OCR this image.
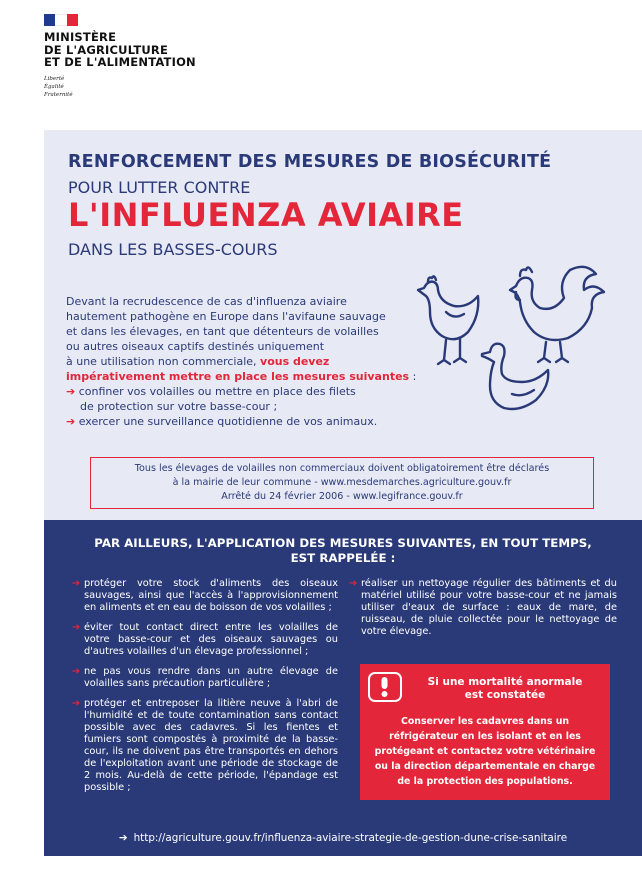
MINISTÈRE
DE L'AGRICULTURE
ET DE L'ALIMENTATION
Liberté
Égalité
Fraternité
RENFORCEMENT DES MESURES DE BIOSÉCURITÉ
POUR LUTTER CONTRE
L'INFLUENZA AVIAIRE
DANS LES BASSES-COURS

Devant la recrudescence de cas d'influenza aviaire

hautement pathogène en Europe dans l'avifaune sauvage

et dans les élevages, en tant que détenteurs de volailles

ou autres oiseaux captifs destinés uniquement

à une utilisation non commerciale, vous devez

impérativement mettre en place les mesures suivantes :

➔ confiner vos volailles ou mettre en place des filets

de protection sur votre basse-cour ;

➔ exercer une surveillance quotidienne de vos animaux.

Tous les élevages de volailles non commerciaux doivent obligatoirement être déclarés
à la mairie de leur commune - www.mesdemarches.agriculture.gouv.fr
Arrêté du 24 février 2006 - www.legifrance.gouv.fr
PAR AILLEURS, L'APPLICATION DES MESURES SUIVANTES, EN TOUT TEMPS,
EST RAPPELÉE :
➔ protéger votre stock d'aliments des oiseaux sauvages, ainsi que l'accès à l'approvisionnement en aliments et en eau de boisson de vos volailles ;
➔ éviter tout contact direct entre les volailles de votre basse-cour et des oiseaux sauvages ou d'autres volailles d'un élevage professionnel ;
➔ ne pas vous rendre dans un autre élevage de volailles sans précaution particulière ;
➔ protéger et entreposer la litière neuve à l'abri de l'humidité et de toute contamination sans contact possible avec des cadavres. Si les fientes et fumiers sont compostés à proximité de la basse-cour, ils ne doivent pas être transportés en dehors de l'exploitation avant une période de stockage de 2 mois. Au-delà de cette période, l'épandage est possible ;
➔ réaliser un nettoyage régulier des bâtiments et du matériel utilisé pour votre basse-cour et ne jamais utiliser d'eaux de surface : eaux de mare, de ruisseau, de pluie collectée pour le nettoyage de votre élevage.
Si une mortalité anormale
est constatée
Conserver les cadavres dans un réfrigérateur en les isolant et en les protégeant et contactez votre vétérinaire ou la direction départementale en charge de la protection des populations.
➔ http://agriculture.gouv.fr/influenza-aviaire-strategie-de-gestion-dune-crise-sanitaire
